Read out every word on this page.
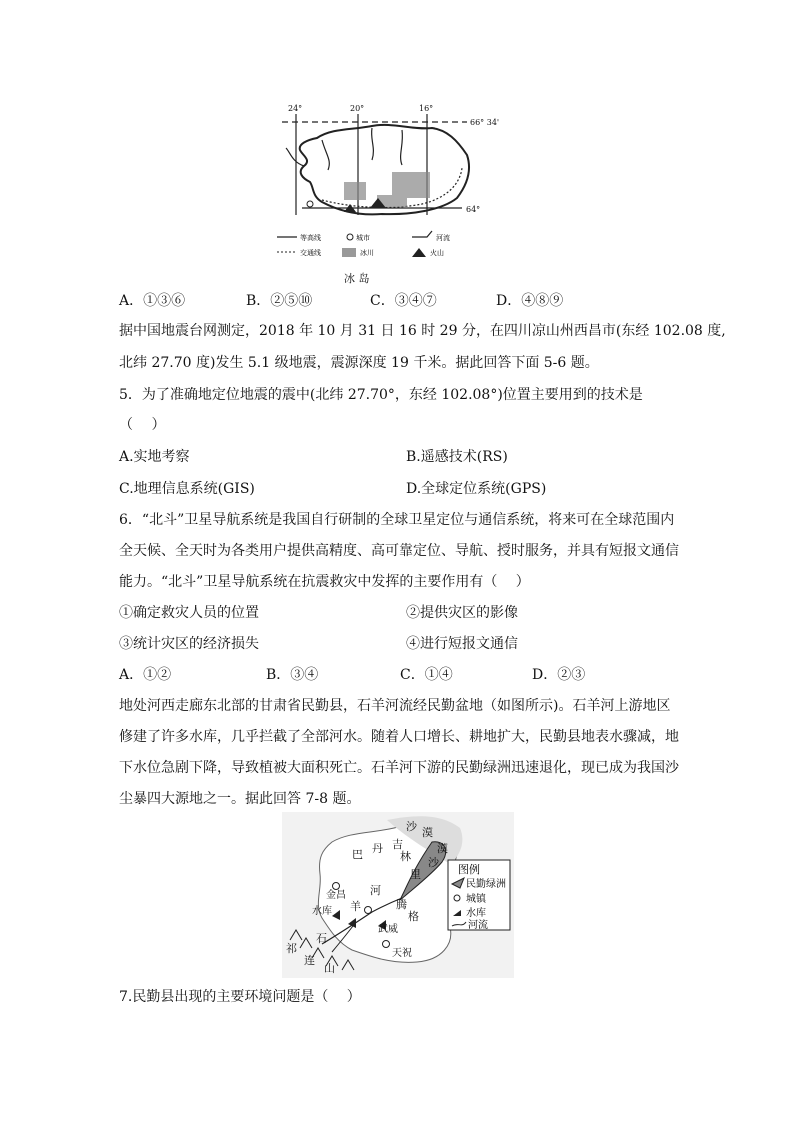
24°	20°	16°
66° 34'
64°
等高线	城市	河流
交通线	冰川	火山
冰 岛
A．①③⑥	B．②⑤⑩	C．③④⑦	D．④⑧⑨
据中国地震台网测定，2018 年 10 月 31 日 16 时 29 分，在四川凉山州西昌市(东经 102.08 度,
北纬 27.70 度)发生 5.1 级地震，震源深度 19 千米。据此回答下面 5-6 题。
5．为了准确地定位地震的震中(北纬 27.70°，东经 102.08°)位置主要用到的技术是
（　 ）
A.实地考察	B.遥感技术(RS)
C.地理信息系统(GIS)	D.全球定位系统(GPS)
6．“北斗”卫星导航系统是我国自行研制的全球卫星定位与通信系统，将来可在全球范围内
全天候、全天时为各类用户提供高精度、高可靠定位、导航、授时服务，并具有短报文通信
能力。“北斗”卫星导航系统在抗震救灾中发挥的主要作用有（　 ）
①确定救灾人员的位置	②提供灾区的影像
③统计灾区的经济损失	④进行短报文通信
A．①②	B．③④	C．①④	D．②③
地处河西走廊东北部的甘肃省民勤县，石羊河流经民勤盆地（如图所示)。石羊河上游地区
修建了许多水库，几乎拦截了全部河水。随着人口增长、耕地扩大，民勤县地表水骤减，地
下水位急剧下降，导致植被大面积死亡。石羊河下游的民勤绿洲迅速退化，现已成为我国沙
尘暴四大源地之一。据此回答 7-8 题。
图例
民勤绿洲
城镇
水库
河流
沙 漠
巴 丹 吉
林
漠
沙
里
腾
格
金昌
水库
石
羊
河
武威
天祝
祁
连
山
7.民勤县出现的主要环境问题是（　 ）
